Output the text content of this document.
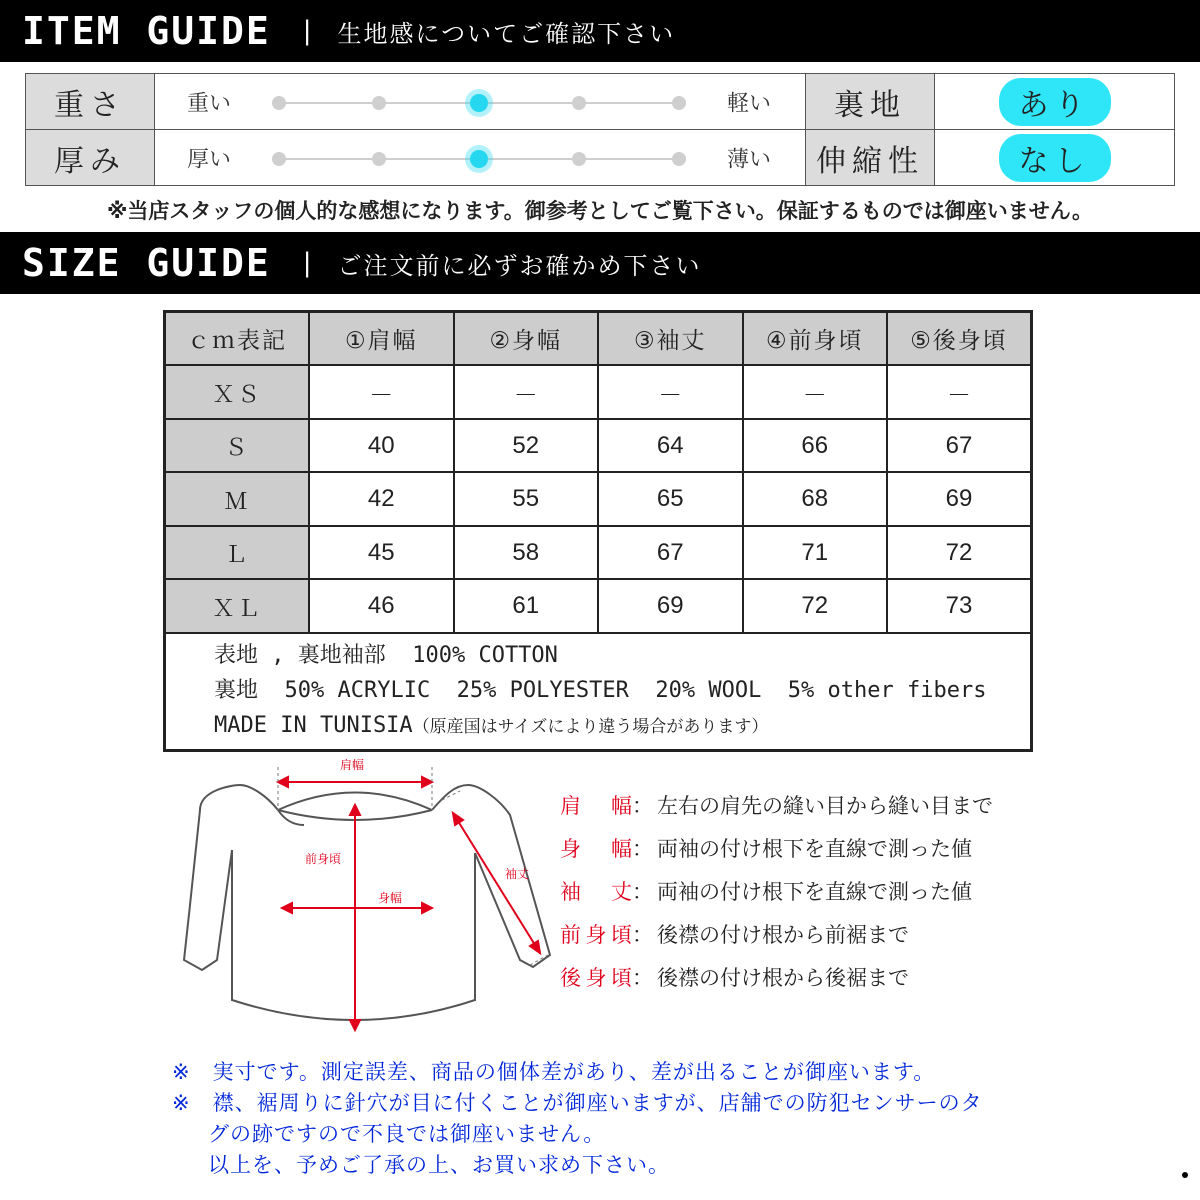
ITEM GUIDE | 生地感についてご確認下さい
重さ	重い 軽い	裏地	あり
厚み	厚い 薄い	伸縮性	なし
※当店スタッフの個人的な感想になります。御参考としてご覧下さい。保証するものでは御座いません。
SIZE GUIDE | ご注文前に必ずお確かめ下さい
ｃｍ表記	①肩幅	②身幅	③袖丈	④前身頃	⑤後身頃
ＸＳ	－	－	－	－	－
Ｓ	40	52	64	66	67
Ｍ	42	55	65	68	69
Ｌ	45	58	67	71	72
ＸＬ	46	61	69	72	73

表地 , 裏地袖部  100% COTTON
裏地  50% ACRYLIC  25% POLYESTER  20% WOOL  5% other fibers
MADE IN TUNISIA（原産国はサイズにより違う場合があります）					
肩幅
前身頃
身幅
袖丈
肩幅： 左右の肩先の縫い目から縫い目まで
身幅： 両袖の付け根下を直線で測った値
袖丈： 両袖の付け根下を直線で測った値
前身頃： 後襟の付け根から前裾まで
後身頃： 後襟の付け根から後裾まで
※　 実寸です。測定誤差、商品の個体差があり、差が出ることが御座います。
※　 襟、裾周りに針穴が目に付くことが御座いますが、店舗での防犯センサーのタ
グの跡ですので不良では御座いません。
以上を、予めご了承の上、お買い求め下さい。
